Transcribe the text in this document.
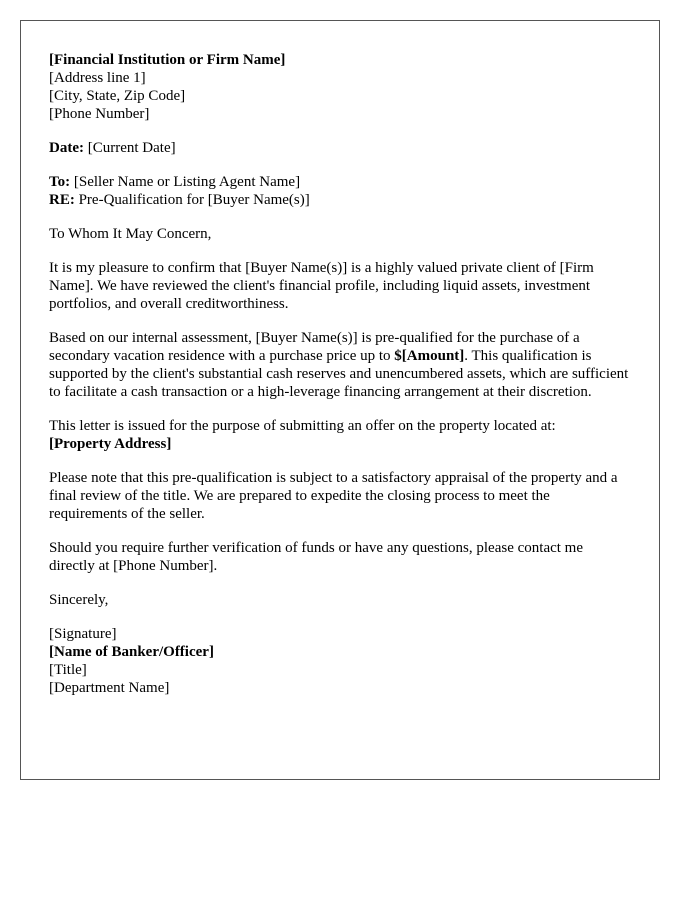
[Financial Institution or Firm Name]
[Address line 1]
[City, State, Zip Code]
[Phone Number]

Date: [Current Date]

To: [Seller Name or Listing Agent Name]
RE: Pre-Qualification for [Buyer Name(s)]

To Whom It May Concern,

It is my pleasure to confirm that [Buyer Name(s)] is a highly valued private client of [Firm Name]. We have reviewed the client's financial profile, including liquid assets, investment portfolios, and overall creditworthiness.

Based on our internal assessment, [Buyer Name(s)] is pre-qualified for the purchase of a secondary vacation residence with a purchase price up to $[Amount]. This qualification is supported by the client's substantial cash reserves and unencumbered assets, which are sufficient to facilitate a cash transaction or a high-leverage financing arrangement at their discretion.

This letter is issued for the purpose of submitting an offer on the property located at:
[Property Address]

Please note that this pre-qualification is subject to a satisfactory appraisal of the property and a final review of the title. We are prepared to expedite the closing process to meet the requirements of the seller.

Should you require further verification of funds or have any questions, please contact me directly at [Phone Number].

Sincerely,

[Signature]
[Name of Banker/Officer]
[Title]
[Department Name]
